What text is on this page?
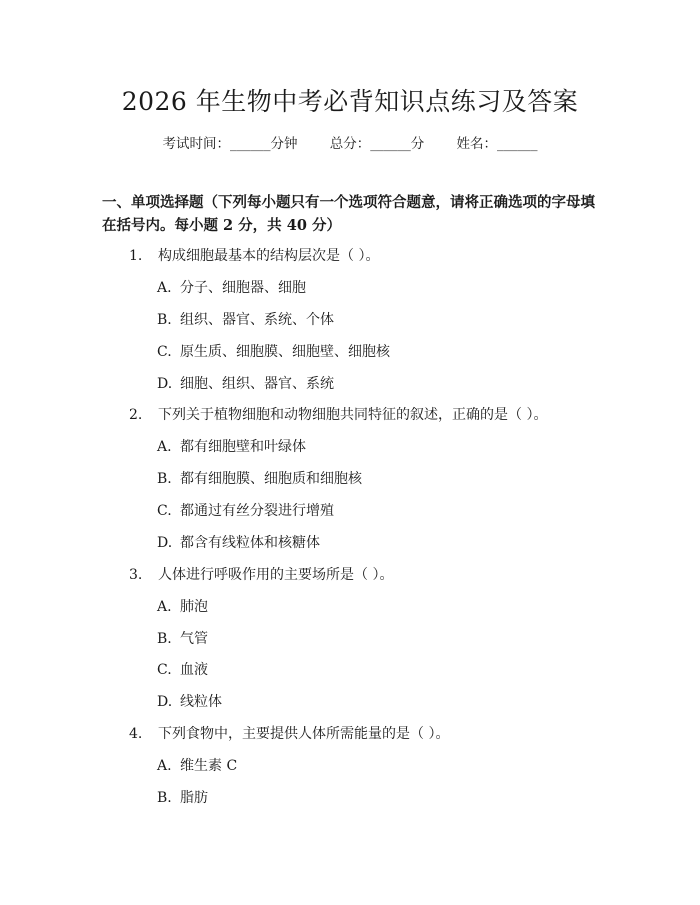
2026 年生物中考必背知识点练习及答案
考试时间：______分钟 总分：______分 姓名：______
一、单项选择题（下列每小题只有一个选项符合题意，请将正确选项的字母填在括号内。每小题 2 分，共 40 分）
1. 构成细胞最基本的结构层次是（ ）。
A. 分子、细胞器、细胞
B. 组织、器官、系统、个体
C. 原生质、细胞膜、细胞壁、细胞核
D. 细胞、组织、器官、系统
2. 下列关于植物细胞和动物细胞共同特征的叙述，正确的是（ ）。
A. 都有细胞壁和叶绿体
B. 都有细胞膜、细胞质和细胞核
C. 都通过有丝分裂进行增殖
D. 都含有线粒体和核糖体
3. 人体进行呼吸作用的主要场所是（ ）。
A. 肺泡
B. 气管
C. 血液
D. 线粒体
4. 下列食物中，主要提供人体所需能量的是（ ）。
A. 维生素 C
B. 脂肪
